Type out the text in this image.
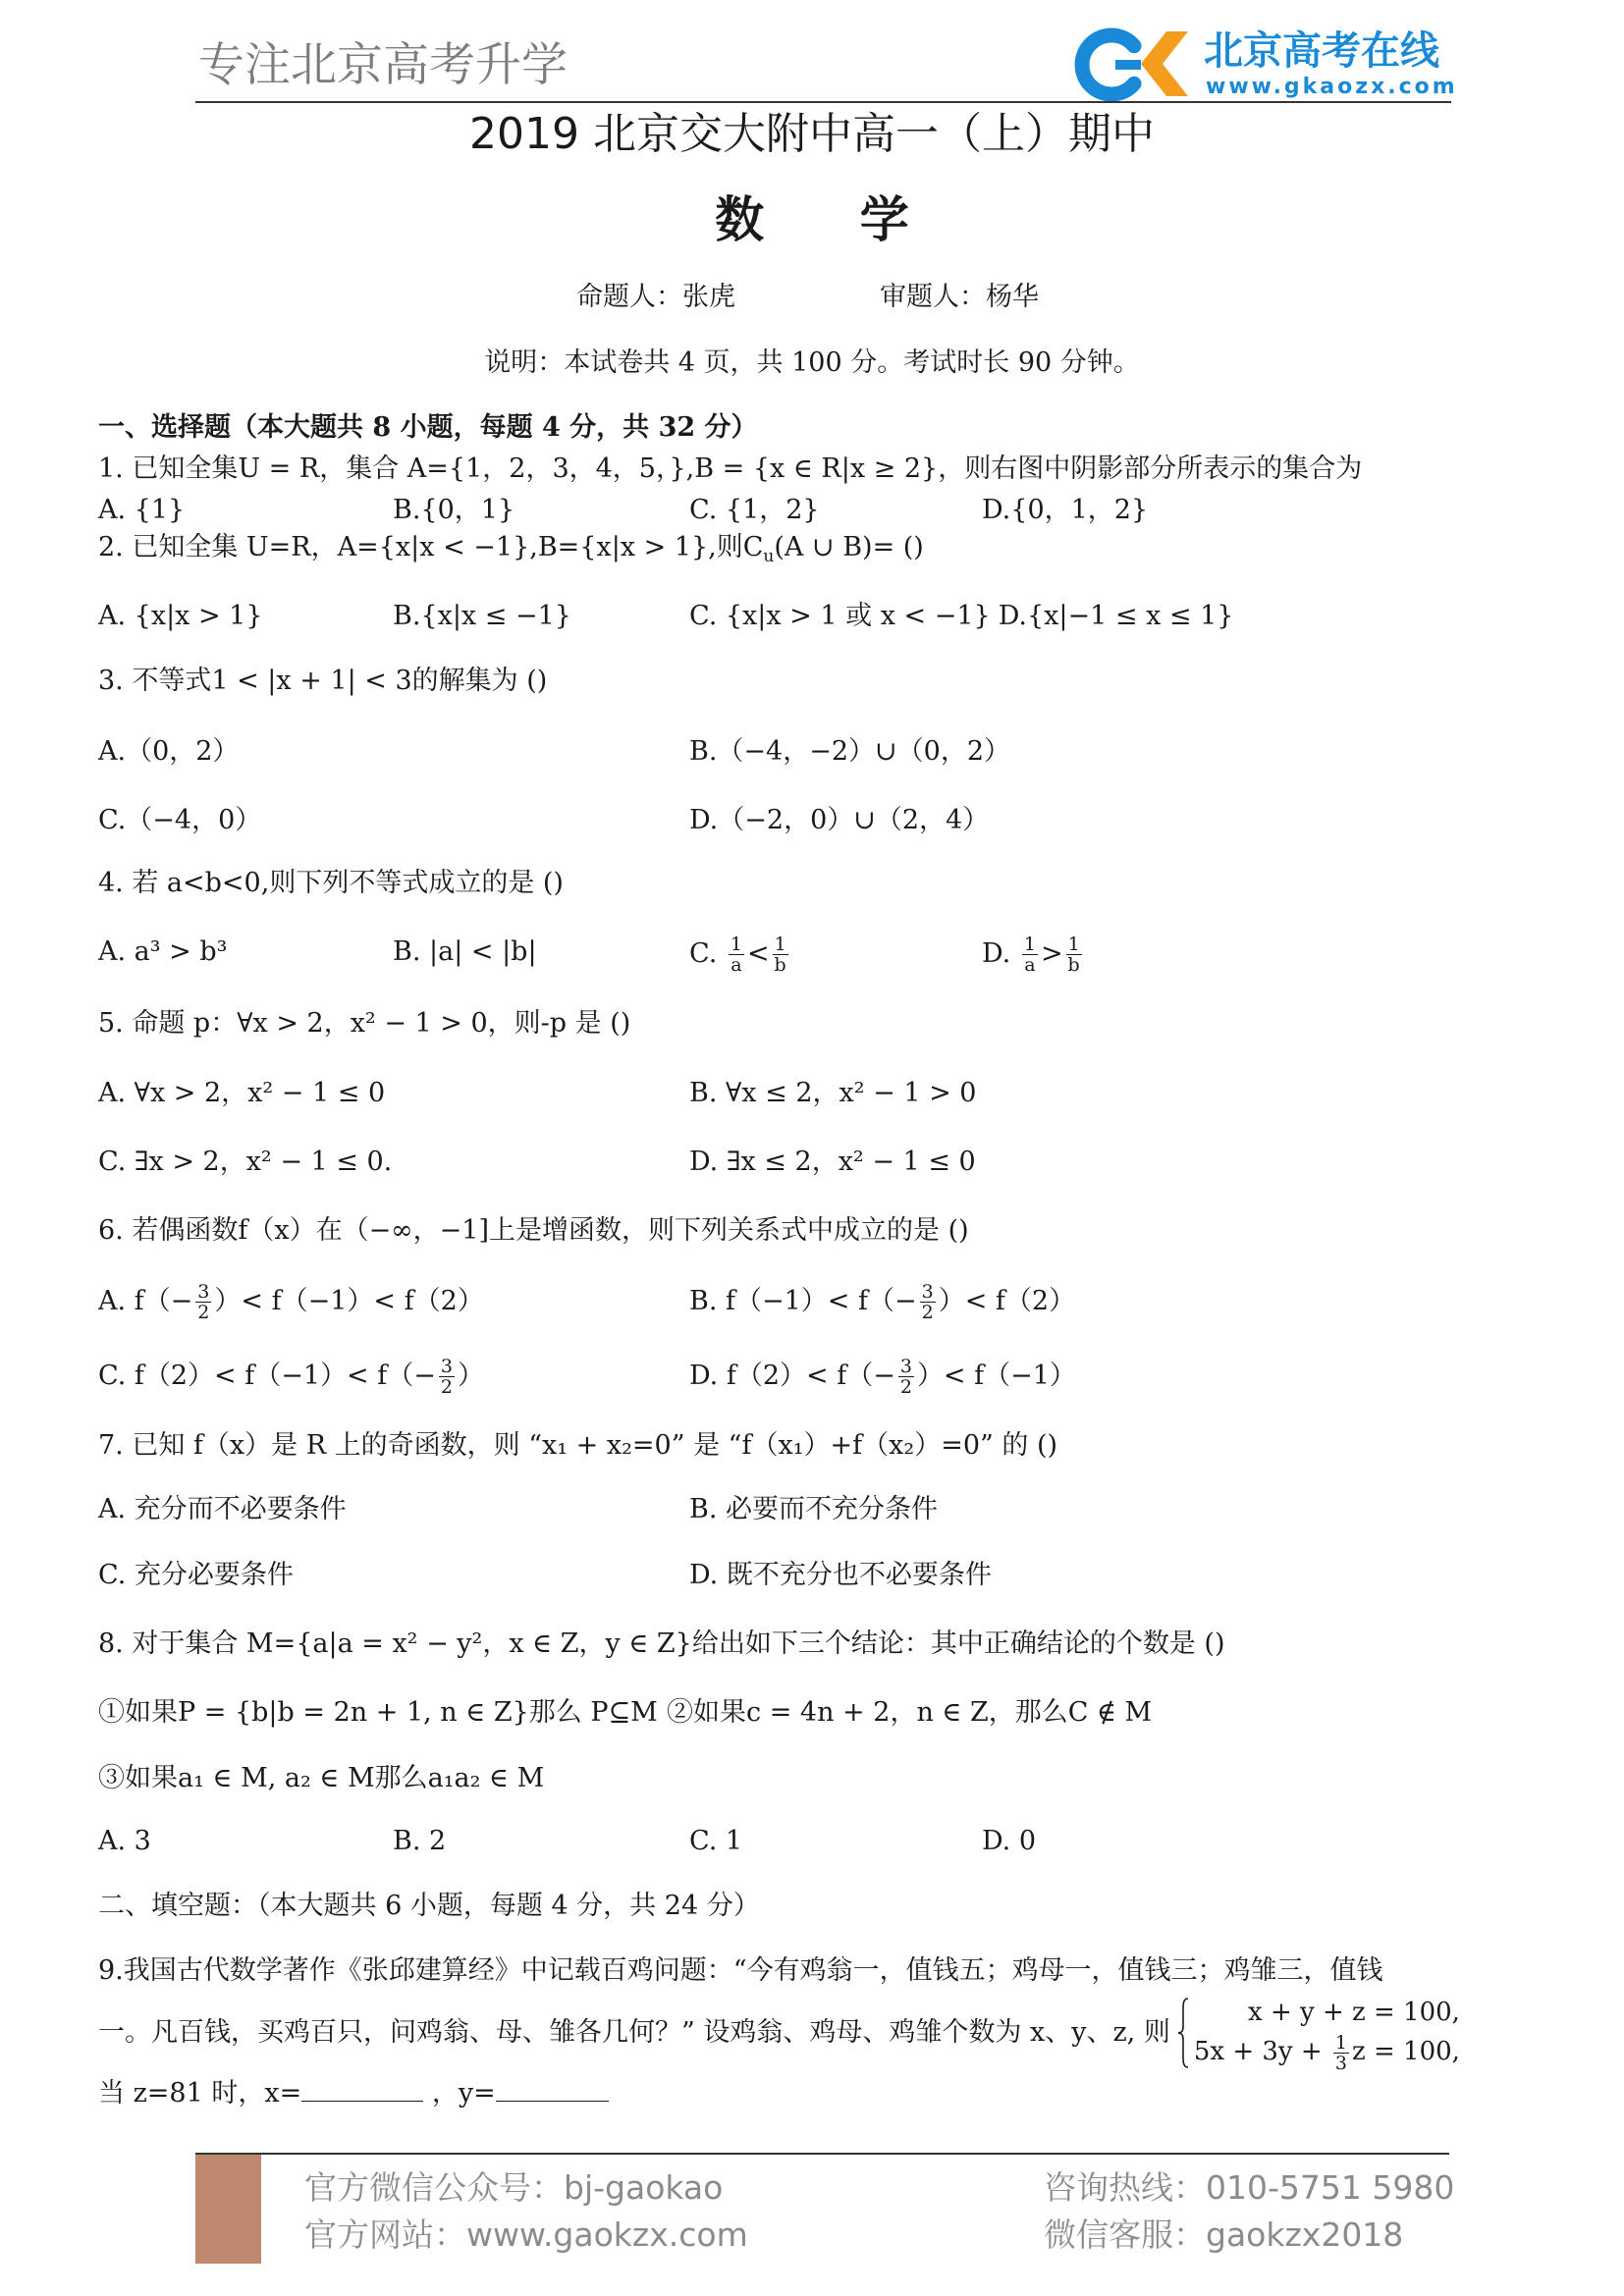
专注北京高考升学	北京高考在线
www.gkaozx.com
2019 北京交大附中高一（上）期中
数 学
命题人：张虎	审题人：杨华
说明：本试卷共 4 页，共 100 分。考试时长 90 分钟。
一、选择题（本大题共 8 小题，每题 4 分，共 32 分）
1. 已知全集U = R，集合 A={1，2，3，4，5，},B = {x ∈ R|x ≥ 2}，则右图中阴影部分所表示的集合为
A. {1}	B.{0，1}	C. {1，2}	D.{0，1，2}
2. 已知全集 U=R，A={x|x < −1},B={x|x > 1},则$C_u(A$ ∪ B)= ()
A. {x|x > 1}	B.{x|x ≤ −1}	C. {x|x > 1 或 x < −1} D.{x|−1 ≤ x ≤ 1}
3. 不等式1 < |x + 1| < 3的解集为 ()
A.（0，2）	B.（−4，−2）∪（0，2）
C.（−4，0）	D.（−2，0）∪（2，4）
4. 若 a<b<0,则下列不等式成立的是 ()
A. a³ > b³	B. |a| < |b|	C. $\frac{1}{a} < \frac{1}{b}$	D. $\frac{1}{a} > \frac{1}{b}$
5. 命题 p：∀x > 2，x² − 1 > 0，则-p 是 ()
A. ∀x > 2，x² − 1 ≤ 0	B. ∀x ≤ 2，x² − 1 > 0
C. ∃x > 2，x² − 1 ≤ 0.	D. ∃x ≤ 2，x² − 1 ≤ 0
6. 若偶函数f（x）在（−∞，−1]上是增函数，则下列关系式中成立的是 ()
A. $f(- \frac{3}{2}$ ）< f（−1）< f（2）	B. $f(-1)< f(- \frac{3}{2}$ ）< f（2）
C. $f(2)< f(-1)< f(- \frac{3}{2}$ ）	D. $f(2)< f(- \frac{3}{2}$ ）< f（−1）
7. 已知 f（x）是 R 上的奇函数，则 “x₁ + x₂=0” 是 “f（x₁）+f（x₂）=0” 的 ()
A. 充分而不必要条件	B. 必要而不充分条件
C. 充分必要条件	D. 既不充分也不必要条件
8. 对于集合 M={a|a = x² − y²，x ∈ Z，y ∈ Z}给出如下三个结论：其中正确结论的个数是 ()
①如果P = {b|b = 2n + 1, n ∈ Z}那么 P⊆M ②如果c = 4n + 2，n ∈ Z，那么C ∉ M
③如果a₁ ∈ M, a₂ ∈ M那么a₁a₂ ∈ M
A. 3	B. 2	C. 1	D. 0
二、填空题：（本大题共 6 小题，每题 4 分，共 24 分）
9.我国古代数学著作《张邱建算经》中记载百鸡问题：“今有鸡翁一，值钱五；鸡母一，值钱三；鸡雏三，值钱
一。凡百钱，买鸡百只，问鸡翁、母、雏各几何？” 设鸡翁、鸡母、鸡雏个数为 x、y、z, 则
x + y + z = 100,
$5x + 3y + \frac{1}{3}$ z = 100,
当 z=81 时，x=	，y=
官方微信公众号：bj-gaokao
官方网站：www.gaokzx.com
咨询热线：010-5751 5980
微信客服：gaokzx2018
